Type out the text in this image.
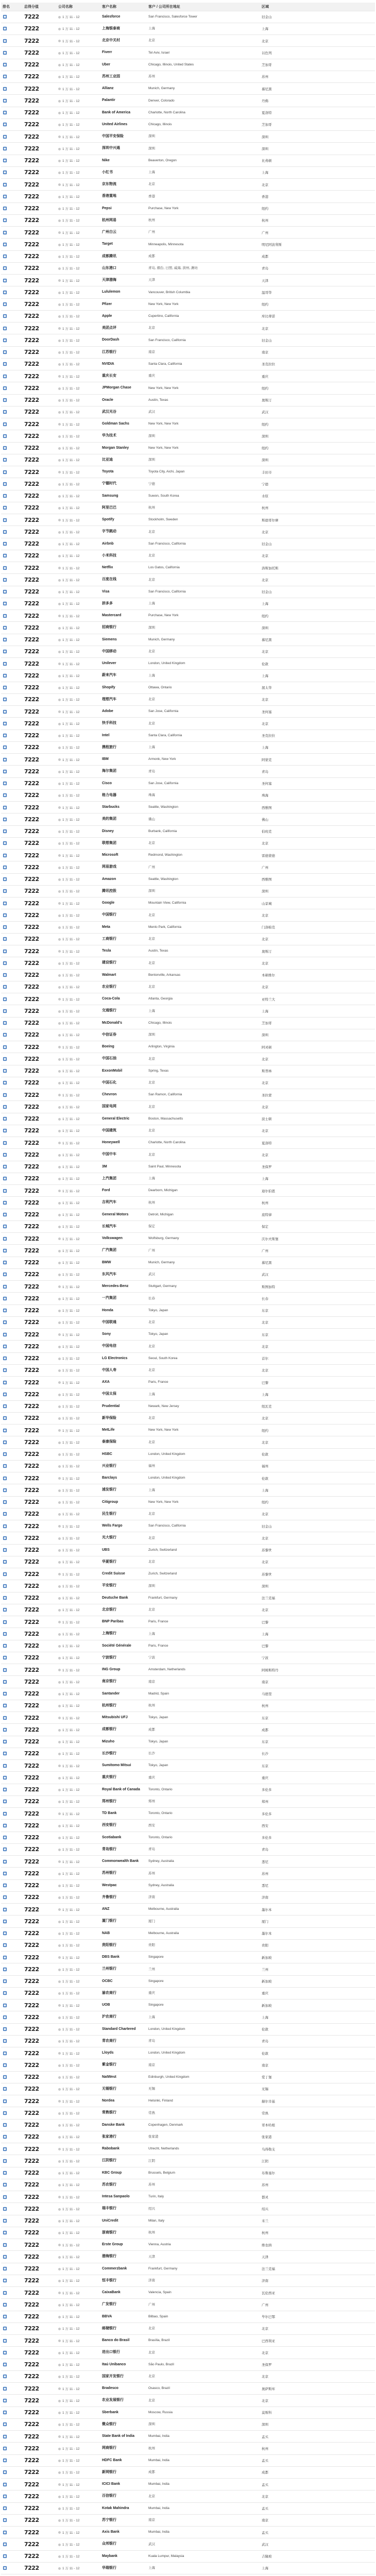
排名	总得分值	公司名称	客户名称	客户 / 公司所在地址	区域
	7222	1 万 11 - 12	Salesforce	San Francisco, Salesforce Tower	旧金山
	7222	1 万 11 - 12	上海银泰商	上海	上海
	7222	1 万 11 - 12	北京中关村	北京	北京
	7222	1 万 11 - 12	Fiverr	Tel Aviv, Israel	以色列
	7222	1 万 11 - 12	Uber	Chicago, Illinois, United States	芝加哥
	7222	1 万 11 - 12	苏州工业园	苏州	苏州
	7222	1 万 11 - 12	Allianz	Munich, Germany	慕尼黑
	7222	1 万 11 - 12	Palantir	Denver, Colorado	丹佛
	7222	1 万 11 - 12	Bank of America	Charlotte, North Carolina	夏洛特
	7222	1 万 11 - 12	United Airlines	Chicago, Illinois	芝加哥
	7222	1 万 11 - 12	中国平安保险	深圳	深圳
	7222	1 万 11 - 12	深圳中兴通	深圳	深圳
	7222	1 万 11 - 12	Nike	Beaverton, Oregon	比弗顿
	7222	1 万 11 - 12	小红书	上海	上海
	7222	1 万 11 - 12	京东物流	北京	北京
	7222	1 万 11 - 12	香港置地	香港	香港
	7222	1 万 11 - 12	Pepsi	Purchase, New York	纽约
	7222	1 万 11 - 12	杭州网易	杭州	杭州
	7222	1 万 11 - 12	广州白云	广州	广州
	7222	1 万 11 - 12	Target	Minneapolis, Minnesota	明尼阿波利斯
	7222	1 万 11 - 12	成都腾讯	成都	成都
	7222	1 万 11 - 12	山东港口	青岛, 烟台, 日照, 威海, 滨州, 潍坊	青岛
	7222	1 万 11 - 12	天津渤海	天津	天津
	7222	1 万 11 - 12	Lululemon	Vancouver, British Columbia	温哥华
	7222	1 万 11 - 12	Pfizer	New York, New York	纽约
	7222	1 万 11 - 12	Apple	Cupertino, California	库比蒂诺
	7222	1 万 11 - 12	美团点评	北京	北京
	7222	1 万 11 - 12	DoorDash	San Francisco, California	旧金山
	7222	1 万 11 - 12	江苏银行	南京	南京
	7222	1 万 11 - 12	NVIDIA	Santa Clara, California	圣克拉拉
	7222	1 万 11 - 12	重庆长安	重庆	重庆
	7222	1 万 11 - 12	JPMorgan Chase	New York, New York	纽约
	7222	1 万 11 - 12	Oracle	Austin, Texas	奥斯汀
	7222	1 万 11 - 12	武汉光谷	武汉	武汉
	7222	1 万 11 - 12	Goldman Sachs	New York, New York	纽约
	7222	1 万 11 - 12	华为技术	深圳	深圳
	7222	1 万 11 - 12	Morgan Stanley	New York, New York	纽约
	7222	1 万 11 - 12	比亚迪	深圳	深圳
	7222	1 万 11 - 12	Toyota	Toyota City, Aichi, Japan	丰田市
	7222	1 万 11 - 12	宁德时代	宁德	宁德
	7222	1 万 11 - 12	Samsung	Suwon, South Korea	水原
	7222	1 万 11 - 12	阿里巴巴	杭州	杭州
	7222	1 万 11 - 12	Spotify	Stockholm, Sweden	斯德哥尔摩
	7222	1 万 11 - 12	字节跳动	北京	北京
	7222	1 万 11 - 12	Airbnb	San Francisco, California	旧金山
	7222	1 万 11 - 12	小米科技	北京	北京
	7222	1 万 11 - 12	Netflix	Los Gatos, California	洛斯加托斯
	7222	1 万 11 - 12	百度在线	北京	北京
	7222	1 万 11 - 12	Visa	San Francisco, California	旧金山
	7222	1 万 11 - 12	拼多多	上海	上海
	7222	1 万 11 - 12	Mastercard	Purchase, New York	纽约
	7222	1 万 11 - 12	招商银行	深圳	深圳
	7222	1 万 11 - 12	Siemens	Munich, Germany	慕尼黑
	7222	1 万 11 - 12	中国移动	北京	北京
	7222	1 万 11 - 12	Unilever	London, United Kingdom	伦敦
	7222	1 万 11 - 12	蔚来汽车	上海	上海
	7222	1 万 11 - 12	Shopify	Ottawa, Ontario	渥太华
	7222	1 万 11 - 12	理想汽车	北京	北京
	7222	1 万 11 - 12	Adobe	San Jose, California	圣何塞
	7222	1 万 11 - 12	快手科技	北京	北京
	7222	1 万 11 - 12	Intel	Santa Clara, California	圣克拉拉
	7222	1 万 11 - 12	携程旅行	上海	上海
	7222	1 万 11 - 12	IBM	Armonk, New York	阿蒙克
	7222	1 万 11 - 12	海尔集团	青岛	青岛
	7222	1 万 11 - 12	Cisco	San Jose, California	圣何塞
	7222	1 万 11 - 12	格力电器	珠海	珠海
	7222	1 万 11 - 12	Starbucks	Seattle, Washington	西雅图
	7222	1 万 11 - 12	美的集团	佛山	佛山
	7222	1 万 11 - 12	Disney	Burbank, California	伯班克
	7222	1 万 11 - 12	联想集团	北京	北京
	7222	1 万 11 - 12	Microsoft	Redmond, Washington	雷德蒙德
	7222	1 万 11 - 12	网易游戏	广州	广州
	7222	1 万 11 - 12	Amazon	Seattle, Washington	西雅图
	7222	1 万 11 - 12	腾讯控股	深圳	深圳
	7222	1 万 11 - 12	Google	Mountain View, California	山景城
	7222	1 万 11 - 12	中国银行	北京	北京
	7222	1 万 11 - 12	Meta	Menlo Park, California	门洛帕克
	7222	1 万 11 - 12	工商银行	北京	北京
	7222	1 万 11 - 12	Tesla	Austin, Texas	奥斯汀
	7222	1 万 11 - 12	建设银行	北京	北京
	7222	1 万 11 - 12	Walmart	Bentonville, Arkansas	本顿维尔
	7222	1 万 11 - 12	农业银行	北京	北京
	7222	1 万 11 - 12	Coca-Cola	Atlanta, Georgia	亚特兰大
	7222	1 万 11 - 12	交通银行	上海	上海
	7222	1 万 11 - 12	McDonald's	Chicago, Illinois	芝加哥
	7222	1 万 11 - 12	中信证券	深圳	深圳
	7222	1 万 11 - 12	Boeing	Arlington, Virginia	阿灵顿
	7222	1 万 11 - 12	中国石油	北京	北京
	7222	1 万 11 - 12	ExxonMobil	Spring, Texas	斯普林
	7222	1 万 11 - 12	中国石化	北京	北京
	7222	1 万 11 - 12	Chevron	San Ramon, California	圣拉蒙
	7222	1 万 11 - 12	国家电网	北京	北京
	7222	1 万 11 - 12	General Electric	Boston, Massachusetts	波士顿
	7222	1 万 11 - 12	中国建筑	北京	北京
	7222	1 万 11 - 12	Honeywell	Charlotte, North Carolina	夏洛特
	7222	1 万 11 - 12	中国中车	北京	北京
	7222	1 万 11 - 12	3M	Saint Paul, Minnesota	圣保罗
	7222	1 万 11 - 12	上汽集团	上海	上海
	7222	1 万 11 - 12	Ford	Dearborn, Michigan	迪尔伯恩
	7222	1 万 11 - 12	吉利汽车	杭州	杭州
	7222	1 万 11 - 12	General Motors	Detroit, Michigan	底特律
	7222	1 万 11 - 12	长城汽车	保定	保定
	7222	1 万 11 - 12	Volkswagen	Wolfsburg, Germany	沃尔夫斯堡
	7222	1 万 11 - 12	广汽集团	广州	广州
	7222	1 万 11 - 12	BMW	Munich, Germany	慕尼黑
	7222	1 万 11 - 12	东风汽车	武汉	武汉
	7222	1 万 11 - 12	Mercedes-Benz	Stuttgart, Germany	斯图加特
	7222	1 万 11 - 12	一汽集团	长春	长春
	7222	1 万 11 - 12	Honda	Tokyo, Japan	东京
	7222	1 万 11 - 12	中国联通	北京	北京
	7222	1 万 11 - 12	Sony	Tokyo, Japan	东京
	7222	1 万 11 - 12	中国电信	北京	北京
	7222	1 万 11 - 12	LG Electronics	Seoul, South Korea	首尔
	7222	1 万 11 - 12	中国人寿	北京	北京
	7222	1 万 11 - 12	AXA	Paris, France	巴黎
	7222	1 万 11 - 12	中国太保	上海	上海
	7222	1 万 11 - 12	Prudential	Newark, New Jersey	纽瓦克
	7222	1 万 11 - 12	新华保险	北京	北京
	7222	1 万 11 - 12	MetLife	New York, New York	纽约
	7222	1 万 11 - 12	泰康保险	北京	北京
	7222	1 万 11 - 12	HSBC	London, United Kingdom	伦敦
	7222	1 万 11 - 12	兴业银行	福州	福州
	7222	1 万 11 - 12	Barclays	London, United Kingdom	伦敦
	7222	1 万 11 - 12	浦发银行	上海	上海
	7222	1 万 11 - 12	Citigroup	New York, New York	纽约
	7222	1 万 11 - 12	民生银行	北京	北京
	7222	1 万 11 - 12	Wells Fargo	San Francisco, California	旧金山
	7222	1 万 11 - 12	光大银行	北京	北京
	7222	1 万 11 - 12	UBS	Zurich, Switzerland	苏黎世
	7222	1 万 11 - 12	华夏银行	北京	北京
	7222	1 万 11 - 12	Credit Suisse	Zurich, Switzerland	苏黎世
	7222	1 万 11 - 12	平安银行	深圳	深圳
	7222	1 万 11 - 12	Deutsche Bank	Frankfurt, Germany	法兰克福
	7222	1 万 11 - 12	北京银行	北京	北京
	7222	1 万 11 - 12	BNP Paribas	Paris, France	巴黎
	7222	1 万 11 - 12	上海银行	上海	上海
	7222	1 万 11 - 12	Société Générale	Paris, France	巴黎
	7222	1 万 11 - 12	宁波银行	宁波	宁波
	7222	1 万 11 - 12	ING Group	Amsterdam, Netherlands	阿姆斯特丹
	7222	1 万 11 - 12	南京银行	南京	南京
	7222	1 万 11 - 12	Santander	Madrid, Spain	马德里
	7222	1 万 11 - 12	杭州银行	杭州	杭州
	7222	1 万 11 - 12	Mitsubishi UFJ	Tokyo, Japan	东京
	7222	1 万 11 - 12	成都银行	成都	成都
	7222	1 万 11 - 12	Mizuho	Tokyo, Japan	东京
	7222	1 万 11 - 12	长沙银行	长沙	长沙
	7222	1 万 11 - 12	Sumitomo Mitsui	Tokyo, Japan	东京
	7222	1 万 11 - 12	重庆银行	重庆	重庆
	7222	1 万 11 - 12	Royal Bank of Canada	Toronto, Ontario	多伦多
	7222	1 万 11 - 12	郑州银行	郑州	郑州
	7222	1 万 11 - 12	TD Bank	Toronto, Ontario	多伦多
	7222	1 万 11 - 12	西安银行	西安	西安
	7222	1 万 11 - 12	Scotiabank	Toronto, Ontario	多伦多
	7222	1 万 11 - 12	青岛银行	青岛	青岛
	7222	1 万 11 - 12	Commonwealth Bank	Sydney, Australia	悉尼
	7222	1 万 11 - 12	苏州银行	苏州	苏州
	7222	1 万 11 - 12	Westpac	Sydney, Australia	悉尼
	7222	1 万 11 - 12	齐鲁银行	济南	济南
	7222	1 万 11 - 12	ANZ	Melbourne, Australia	墨尔本
	7222	1 万 11 - 12	厦门银行	厦门	厦门
	7222	1 万 11 - 12	NAB	Melbourne, Australia	墨尔本
	7222	1 万 11 - 12	贵阳银行	贵阳	贵阳
	7222	1 万 11 - 12	DBS Bank	Singapore	新加坡
	7222	1 万 11 - 12	兰州银行	兰州	兰州
	7222	1 万 11 - 12	OCBC	Singapore	新加坡
	7222	1 万 11 - 12	渝农商行	重庆	重庆
	7222	1 万 11 - 12	UOB	Singapore	新加坡
	7222	1 万 11 - 12	沪农商行	上海	上海
	7222	1 万 11 - 12	Standard Chartered	London, United Kingdom	伦敦
	7222	1 万 11 - 12	青农商行	青岛	青岛
	7222	1 万 11 - 12	Lloyds	London, United Kingdom	伦敦
	7222	1 万 11 - 12	紫金银行	南京	南京
	7222	1 万 11 - 12	NatWest	Edinburgh, United Kingdom	爱丁堡
	7222	1 万 11 - 12	无锡银行	无锡	无锡
	7222	1 万 11 - 12	Nordea	Helsinki, Finland	赫尔辛基
	7222	1 万 11 - 12	常熟银行	常熟	常熟
	7222	1 万 11 - 12	Danske Bank	Copenhagen, Denmark	哥本哈根
	7222	1 万 11 - 12	张家港行	张家港	张家港
	7222	1 万 11 - 12	Rabobank	Utrecht, Netherlands	乌得勒支
	7222	1 万 11 - 12	江阴银行	江阴	江阴
	7222	1 万 11 - 12	KBC Group	Brussels, Belgium	布鲁塞尔
	7222	1 万 11 - 12	苏农银行	苏州	苏州
	7222	1 万 11 - 12	Intesa Sanpaolo	Turin, Italy	都灵
	7222	1 万 11 - 12	瑞丰银行	绍兴	绍兴
	7222	1 万 11 - 12	UniCredit	Milan, Italy	米兰
	7222	1 万 11 - 12	浙商银行	杭州	杭州
	7222	1 万 11 - 12	Erste Group	Vienna, Austria	维也纳
	7222	1 万 11 - 12	渤海银行	天津	天津
	7222	1 万 11 - 12	Commerzbank	Frankfurt, Germany	法兰克福
	7222	1 万 11 - 12	恒丰银行	济南	济南
	7222	1 万 11 - 12	CaixaBank	Valencia, Spain	瓦伦西亚
	7222	1 万 11 - 12	广发银行	广州	广州
	7222	1 万 11 - 12	BBVA	Bilbao, Spain	毕尔巴鄂
	7222	1 万 11 - 12	邮储银行	北京	北京
	7222	1 万 11 - 12	Banco do Brasil	Brasília, Brazil	巴西利亚
	7222	1 万 11 - 12	进出口银行	北京	北京
	7222	1 万 11 - 12	Itaú Unibanco	São Paulo, Brazil	圣保罗
	7222	1 万 11 - 12	国家开发银行	北京	北京
	7222	1 万 11 - 12	Bradesco	Osasco, Brazil	奥萨斯库
	7222	1 万 11 - 12	农业发展银行	北京	北京
	7222	1 万 11 - 12	Sberbank	Moscow, Russia	莫斯科
	7222	1 万 11 - 12	微众银行	深圳	深圳
	7222	1 万 11 - 12	State Bank of India	Mumbai, India	孟买
	7222	1 万 11 - 12	网商银行	杭州	杭州
	7222	1 万 11 - 12	HDFC Bank	Mumbai, India	孟买
	7222	1 万 11 - 12	新网银行	成都	成都
	7222	1 万 11 - 12	ICICI Bank	Mumbai, India	孟买
	7222	1 万 11 - 12	百信银行	北京	北京
	7222	1 万 11 - 12	Kotak Mahindra	Mumbai, India	孟买
	7222	1 万 11 - 12	苏宁银行	南京	南京
	7222	1 万 11 - 12	Axis Bank	Mumbai, India	孟买
	7222	1 万 11 - 12	众邦银行	武汉	武汉
	7222	1 万 11 - 12	Maybank	Kuala Lumpur, Malaysia	吉隆坡
	7222	1 万 11 - 12	华瑞银行	上海	上海
